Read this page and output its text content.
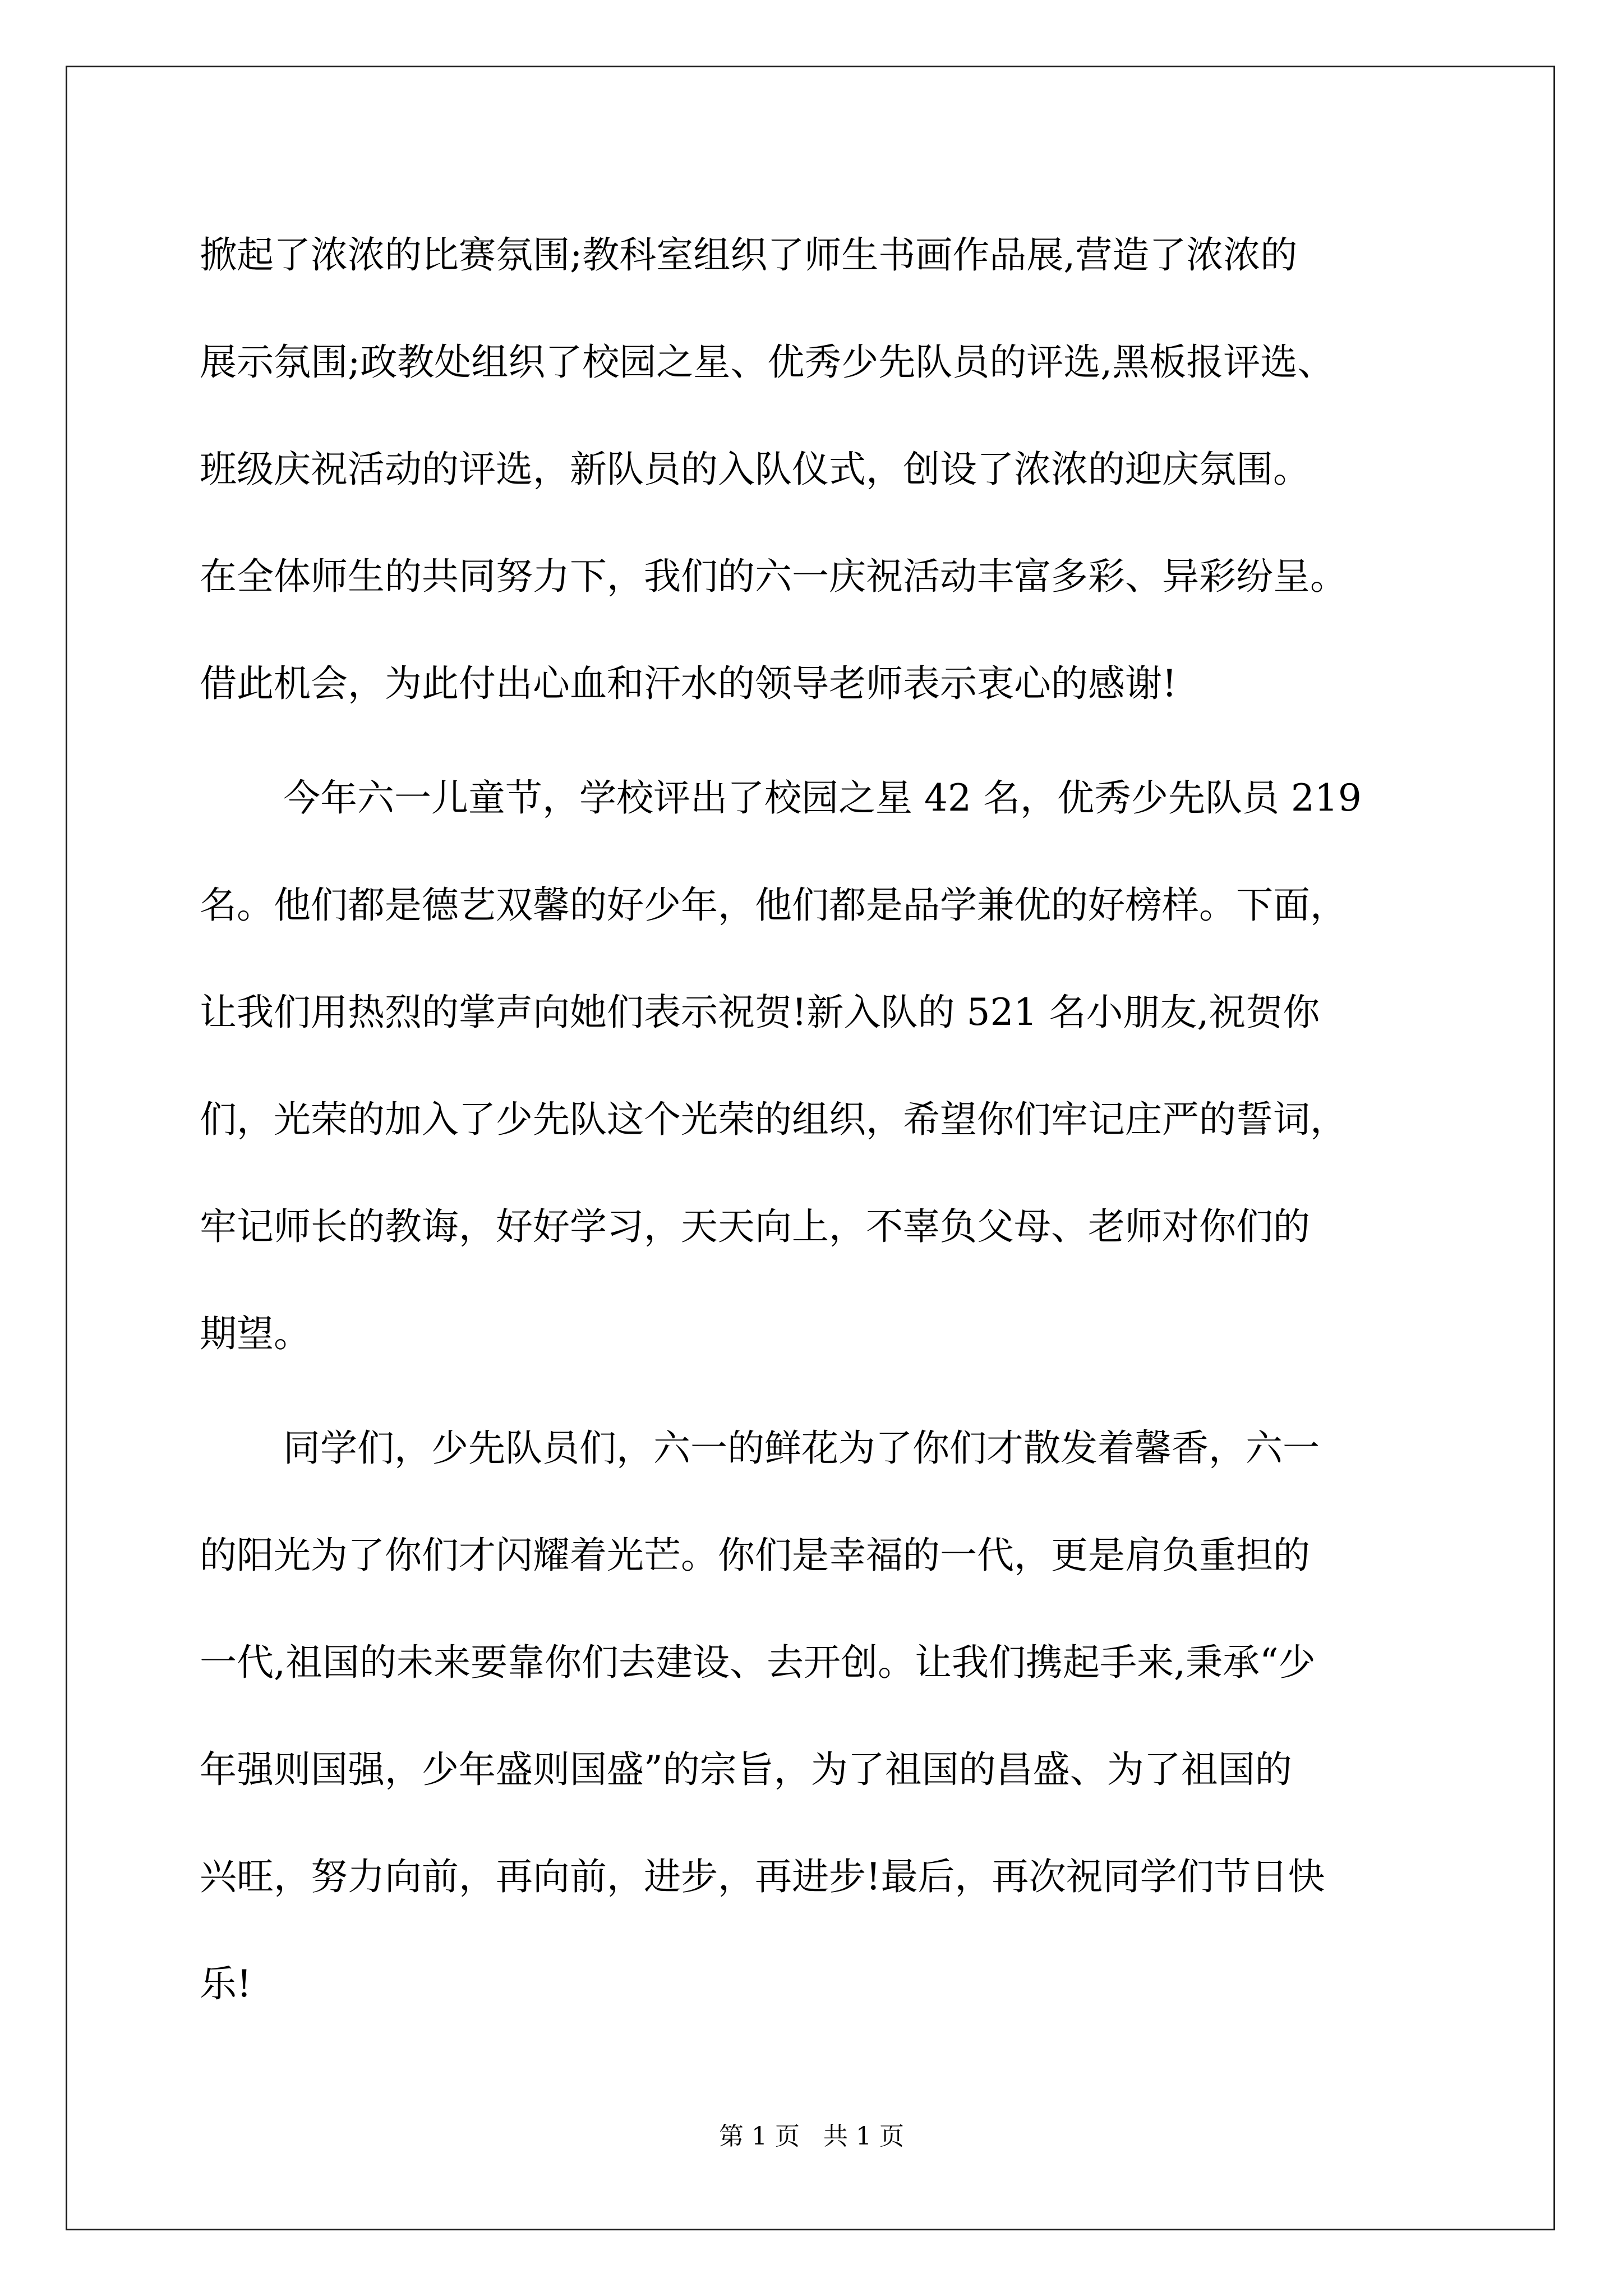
掀起了浓浓的比赛氛围;教科室组织了师生书画作品展,营造了浓浓的
展示氛围;政教处组织了校园之星、优秀少先队员的评选,黑板报评选、
班级庆祝活动的评选，新队员的入队仪式，创设了浓浓的迎庆氛围。
在全体师生的共同努力下，我们的六一庆祝活动丰富多彩、异彩纷呈。
借此机会，为此付出心血和汗水的领导老师表示衷心的感谢!
今年六一儿童节，学校评出了校园之星 42 名，优秀少先队员 219
名。他们都是德艺双馨的好少年，他们都是品学兼优的好榜样。下面，
让我们用热烈的掌声向她们表示祝贺!新入队的 521 名小朋友,祝贺你
们，光荣的加入了少先队这个光荣的组织，希望你们牢记庄严的誓词，
牢记师长的教诲，好好学习，天天向上，不辜负父母、老师对你们的
期望。
同学们，少先队员们，六一的鲜花为了你们才散发着馨香，六一
的阳光为了你们才闪耀着光芒。你们是幸福的一代，更是肩负重担的
一代,祖国的未来要靠你们去建设、去开创。让我们携起手来,秉承“少
年强则国强，少年盛则国盛”的宗旨，为了祖国的昌盛、为了祖国的
兴旺，努力向前，再向前，进步，再进步!最后，再次祝同学们节日快
乐!
第 1 页   共 1 页
